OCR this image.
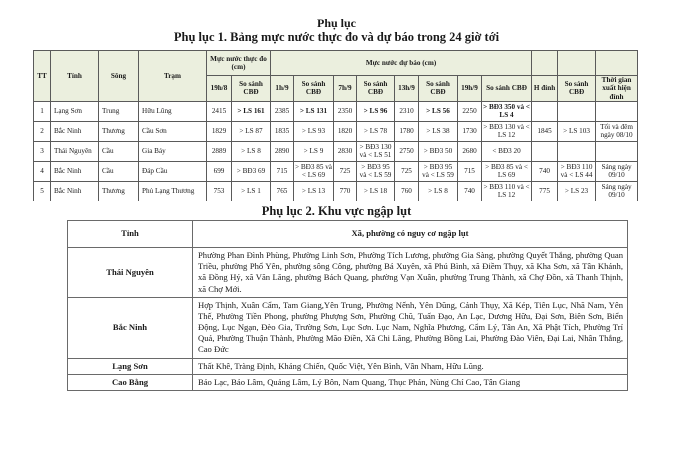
Phụ lục
Phụ lục 1. Bảng mực nước thực đo và dự báo trong 24 giờ tới
TT	Tỉnh	Sông	Trạm	Mực nước thực đo (cm)		Mực nước dự báo (cm)										
				19h/8	So sánh CBĐ	1h/9	So sánh CBĐ	7h/9	So sánh CBĐ	13h/9	So sánh CBĐ	19h/9	So sánh CBĐ	H đỉnh	So sánh CBĐ	Thời gian xuất hiện đỉnh
1	Lạng Sơn	Trung	Hữu Lũng	2415	> LS 161	2385	> LS 131	2350	> LS 96	2310	> LS 56	2250	> BĐ3 350 và < LS 4			
2	Bắc Ninh	Thương	Cầu Sơn	1829	> LS 87	1835	> LS 93	1820	> LS 78	1780	> LS 38	1730	> BĐ3 130 và < LS 12	1845	> LS 103	Tối và đêm ngày 08/10
3	Thái Nguyên	Cầu	Gia Bảy	2889	> LS 8	2890	> LS 9	2830	> BĐ3 130 và < LS 51	2750	> BĐ3 50	2680	< BĐ3 20			
4	Bắc Ninh	Cầu	Đáp Cầu	699	> BĐ3 69	715	> BĐ3 85 và < LS 69	725	> BĐ3 95 và < LS 59	725	> BĐ3 95 và < LS 59	715	> BĐ3 85 và < LS 69	740	> BĐ3 110 và < LS 44	Sáng ngày 09/10
5	Bắc Ninh	Thương	Phủ Lạng Thương	753	> LS 1	765	> LS 13	770	> LS 18	760	> LS 8	740	> BĐ3 110 và < LS 12	775	> LS 23	Sáng ngày 09/10
Phụ lục 2. Khu vực ngập lụt
Tỉnh	Xã, phường có nguy cơ ngập lụt
Thái Nguyên	Phường Phan Đình Phùng, Phường Linh Sơn, Phường Tích Lương, phường Gia Sàng, phường Quyết Thắng, phường Quan Triều, phường Phổ Yên, phường sông Công, phường Bá Xuyên, xã Phú Bình, xã Điềm Thụy, xã Kha Sơn, xã Tân Khánh, xã Đồng Hỷ, xã Văn Lăng, phường Bách Quang, phường Vạn Xuân, phường Trung Thành, xã Chợ Đồn, xã Thanh Thịnh, xã Chợ Mới.
Bắc Ninh	Hợp Thịnh, Xuân Cẩm, Tam Giang,Yên Trung, Phường Nếnh, Yên Dũng, Cảnh Thụy, Xã Kép, Tiên Lục, Nhã Nam, Yên Thế, Phường Tiền Phong, phường Phượng Sơn, Phường Chũ, Tuấn Đạo, An Lạc, Dương Hữu, Đại Sơn, Biên Sơn, Biển Động, Lục Ngạn, Đèo Gia, Trường Sơn, Lục Sơn. Lục Nam, Nghĩa Phương, Cẩm Lý, Tân An, Xã Phật Tích, Phường Trí Quả, Phường Thuận Thành, Phường Mão Điền, Xã Chi Lăng, Phường Bồng Lai, Phường Đào Viên, Đại Lai, Nhân Thắng, Cao Đức
Lạng Sơn	Thất Khê, Tràng Định, Kháng Chiến, Quốc Việt, Yên Bình, Vân Nham, Hữu Lũng.
Cao Bằng	Bảo Lạc, Bảo Lâm, Quảng Lâm, Lý Bôn, Nam Quang, Thục Phán, Nùng Chí Cao, Tân Giang
